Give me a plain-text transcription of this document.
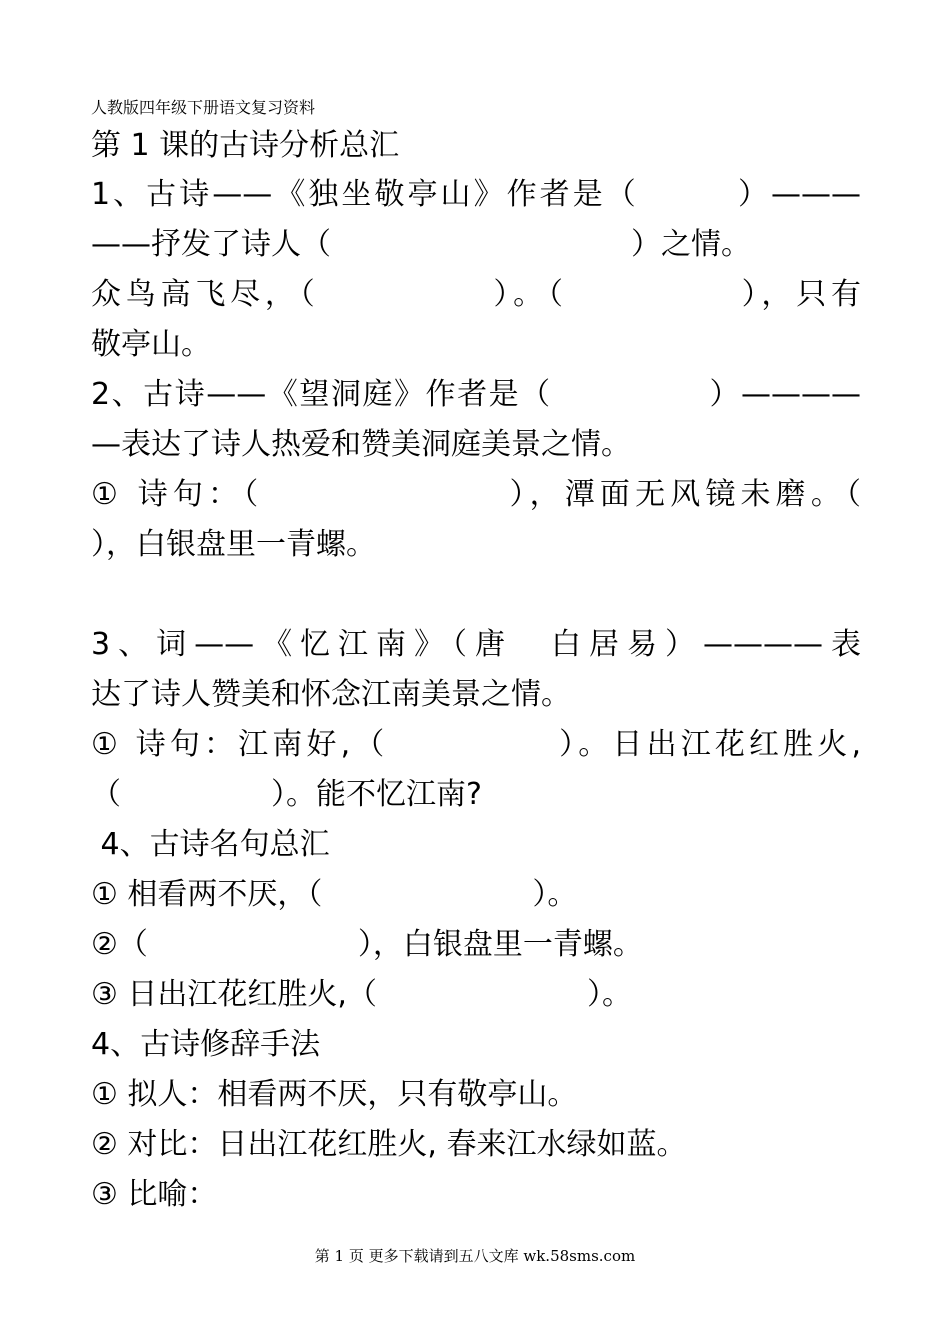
人教版四年级下册语文复习资料
第 1 课的古诗分析总汇
1、古诗——《独坐敬亭山》作者是（　　　）———
——抒发了诗人（　　　　　　　　　　）之情。
众鸟高飞尽，（　　　　　）。（　　　　　），只有
敬亭山。
2、古诗——《望洞庭》作者是（　　　　　）————
—表达了诗人热爱和赞美洞庭美景之情。
① 诗句：（　　　　　　　），潭面无风镜未磨。（
），白银盘里一青螺。
3、词——《忆江南》（唐　白居易）————表
达了诗人赞美和怀念江南美景之情。
① 诗句：江南好,（　　　　　）。日出江花红胜火,
（　　　　　）。能不忆江南?
4、古诗名句总汇
① 相看两不厌，（　　　　　　　）。
②（　　　　　　　），白银盘里一青螺。
③ 日出江花红胜火,（　　　　　　　）。
4、古诗修辞手法
① 拟人：相看两不厌，只有敬亭山。
② 对比：日出江花红胜火, 春来江水绿如蓝。
③ 比喻：
第 1 页 更多下载请到五八文库 wk.58sms.com
